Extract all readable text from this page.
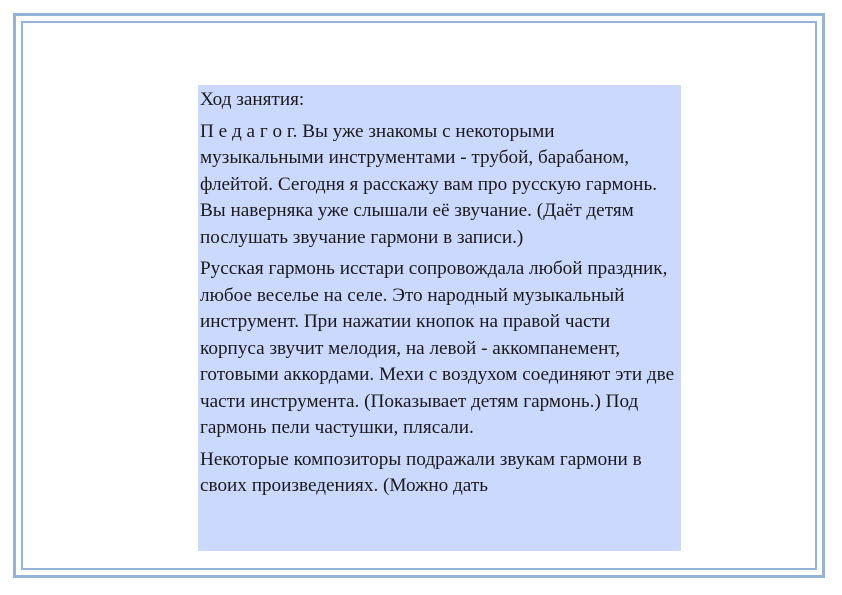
Ход занятия:

П е д а г о г. Вы уже знакомы с некоторыми музыкальными инструментами - трубой, барабаном, флейтой. Сегодня я расскажу вам про русскую гармонь. Вы наверняка уже слышали её звучание. (Даёт детям послушать звучание гармони в записи.)

Русская гармонь исстари сопровождала любой праздник, любое веселье на селе. Это народный музыкальный инструмент. При нажатии кнопок на правой части корпуса звучит мелодия, на левой - аккомпанемент, готовыми аккордами. Мехи с воздухом соединяют эти две части инструмента. (Показывает детям гармонь.) Под гармонь пели частушки, плясали.

Некоторые композиторы подражали звукам гармони в своих произведениях. (Можно дать
